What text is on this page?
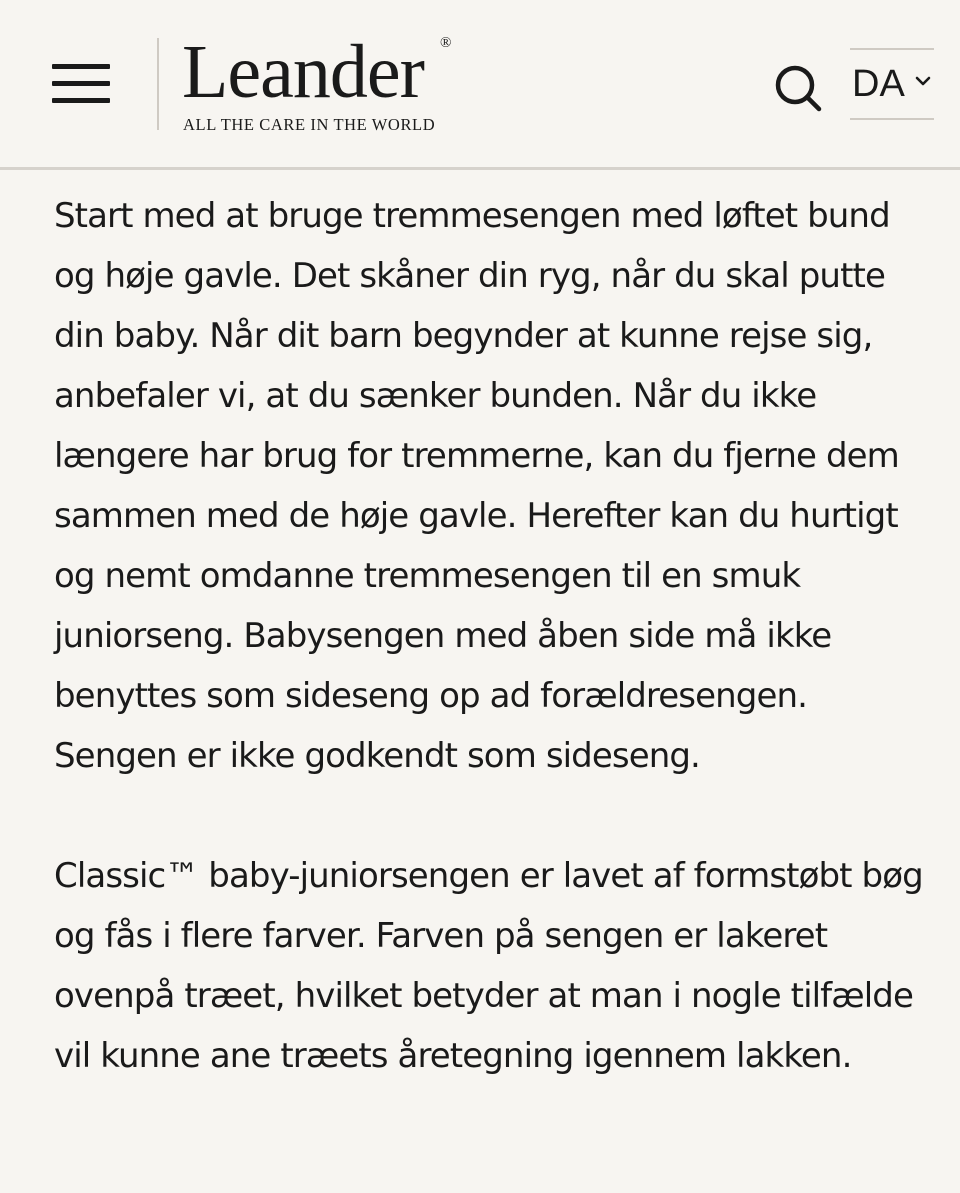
Leander ®
ALL THE CARE IN THE WORLD
DA

Start med at bruge tremmesengen med løftet bund og høje gavle. Det skåner din ryg, når du skal putte din baby. Når dit barn begynder at kunne rejse sig, anbefaler vi, at du sænker bunden. Når du ikke længere har brug for tremmerne, kan du fjerne dem sammen med de høje gavle. Herefter kan du hurtigt og nemt omdanne tremmesengen til en smuk juniorseng. Babysengen med åben side må ikke benyttes som sideseng op ad forældresengen. Sengen er ikke godkendt som sideseng.

Classic™ baby-juniorsengen er lavet af formstøbt bøg og fås i flere farver. Farven på sengen er lakeret ovenpå træet, hvilket betyder at man i nogle tilfælde vil kunne ane træets åretegning igennem lakken.
